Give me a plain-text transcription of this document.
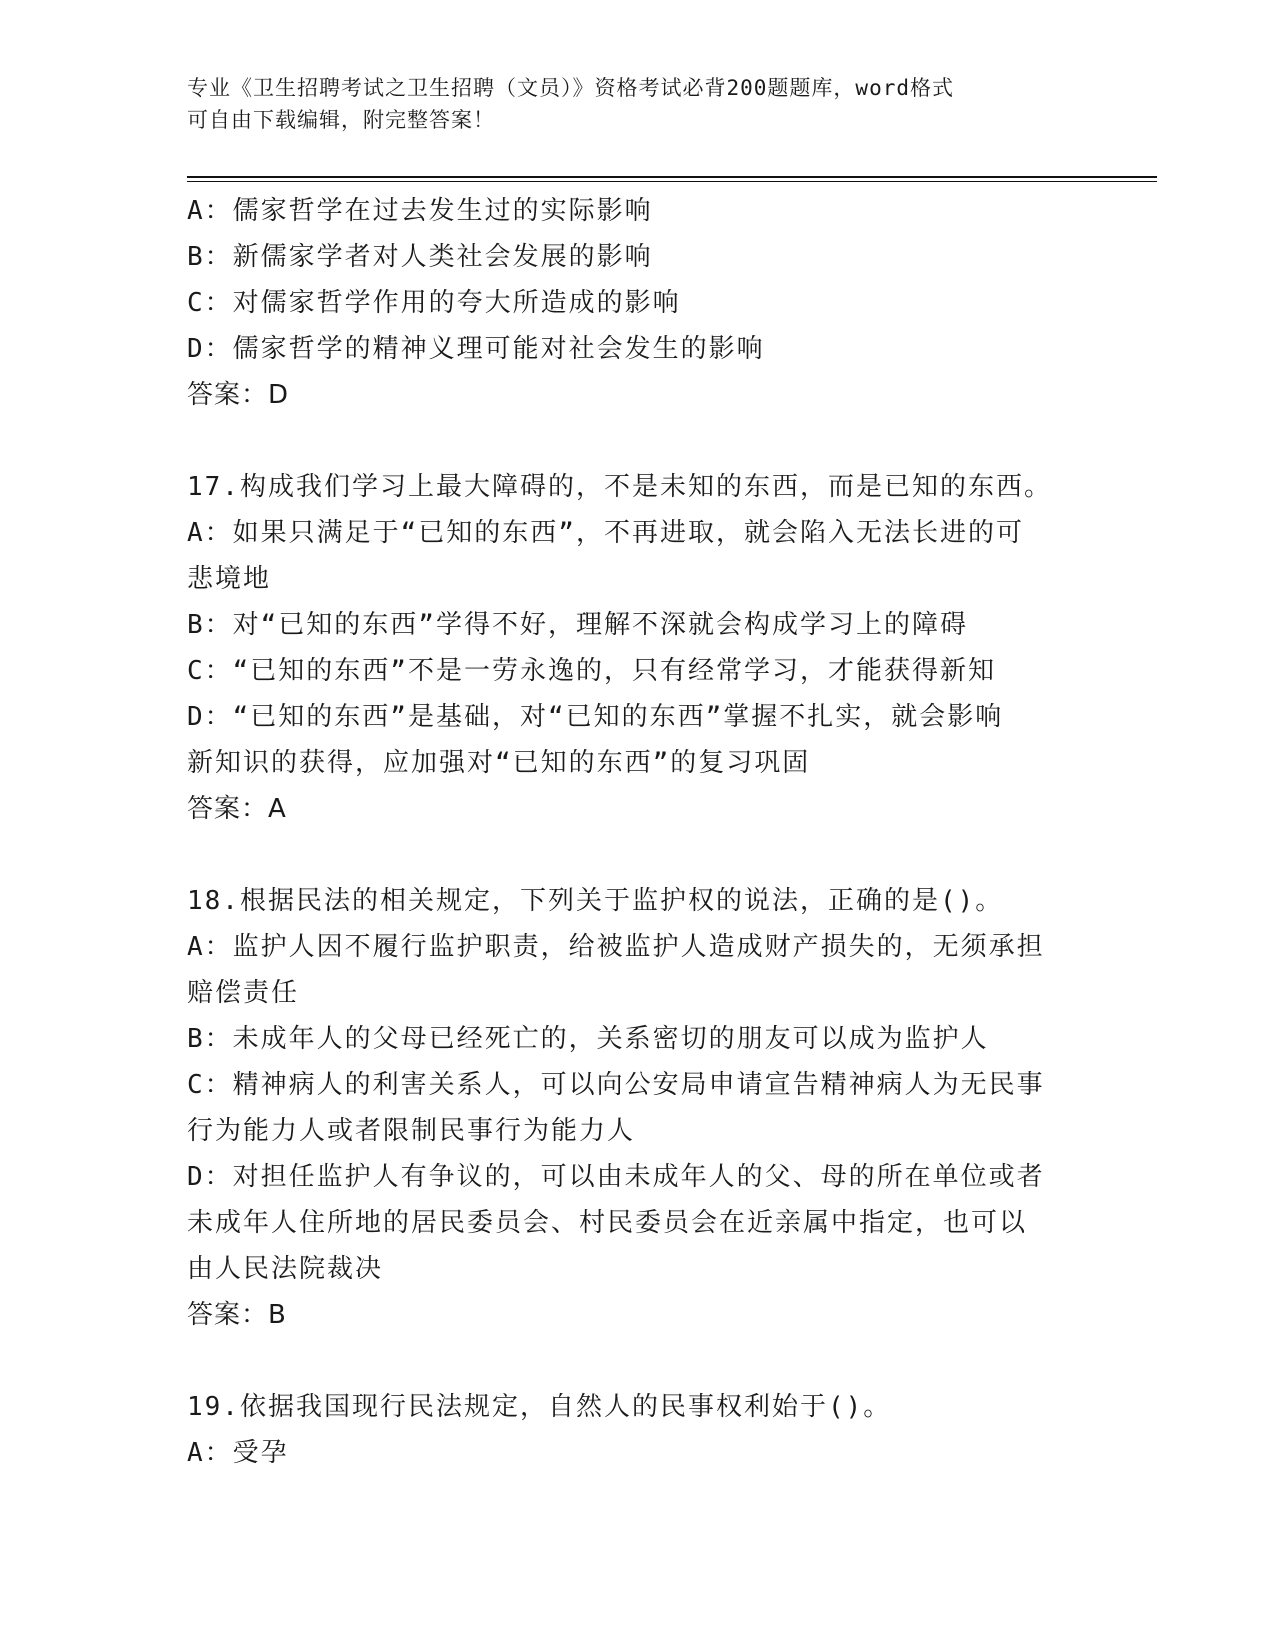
专业《卫生招聘考试之卫生招聘（文员）》资格考试必背200题题库，word格式
可自由下载编辑，附完整答案！
A：儒家哲学在过去发生过的实际影响
B：新儒家学者对人类社会发展的影响
C：对儒家哲学作用的夸大所造成的影响
D：儒家哲学的精神义理可能对社会发生的影响
答案：D
17.构成我们学习上最大障碍的，不是未知的东西，而是已知的东西。
A：如果只满足于“已知的东西”，不再进取，就会陷入无法长进的可
悲境地
B：对“已知的东西”学得不好，理解不深就会构成学习上的障碍
C：“已知的东西”不是一劳永逸的，只有经常学习，才能获得新知
D：“已知的东西”是基础，对“已知的东西”掌握不扎实，就会影响
新知识的获得，应加强对“已知的东西”的复习巩固
答案：A
18.根据民法的相关规定，下列关于监护权的说法，正确的是()。
A：监护人因不履行监护职责，给被监护人造成财产损失的，无须承担
赔偿责任
B：未成年人的父母已经死亡的，关系密切的朋友可以成为监护人
C：精神病人的利害关系人，可以向公安局申请宣告精神病人为无民事
行为能力人或者限制民事行为能力人
D：对担任监护人有争议的，可以由未成年人的父、母的所在单位或者
未成年人住所地的居民委员会、村民委员会在近亲属中指定，也可以
由人民法院裁决
答案：B
19.依据我国现行民法规定，自然人的民事权利始于()。
A：受孕
